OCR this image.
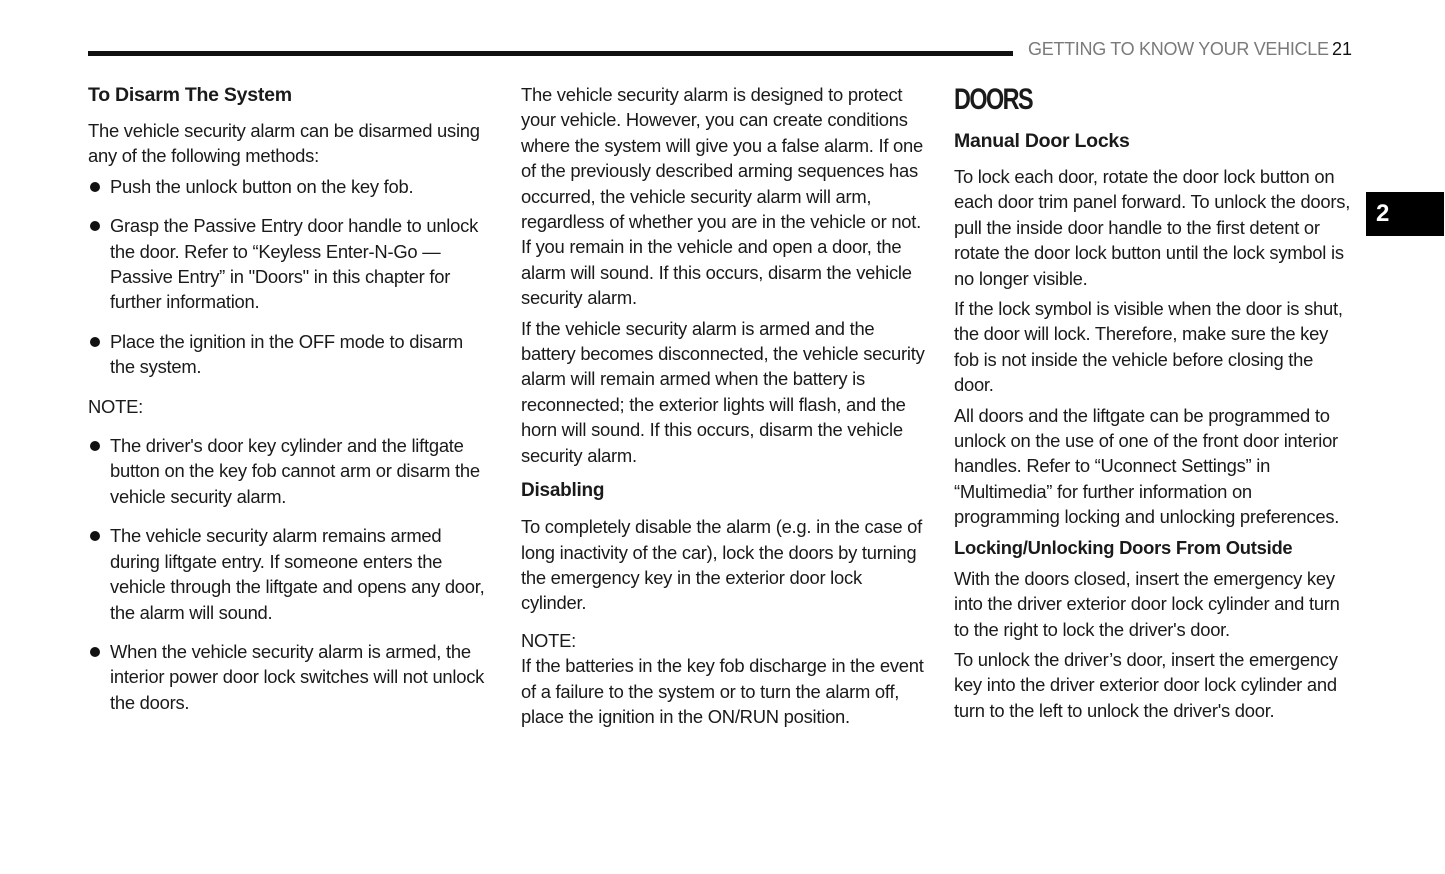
GETTING TO KNOW YOUR VEHICLE 21
2
To Disarm The System

The vehicle security alarm can be disarmed using any of the following methods:

Push the unlock button on the key fob.
Grasp the Passive Entry door handle to unlock the door. Refer to “Keyless Enter-N-Go — Passive Entry” in "Doors" in this chapter for further information.
Place the ignition in the OFF mode to disarm the system.

NOTE:

The driver's door key cylinder and the liftgate button on the key fob cannot arm or disarm the vehicle security alarm.
The vehicle security alarm remains armed during liftgate entry. If someone enters the vehicle through the liftgate and opens any door, the alarm will sound.
When the vehicle security alarm is armed, the interior power door lock switches will not unlock the doors.

The vehicle security alarm is designed to protect your vehicle. However, you can create conditions where the system will give you a false alarm. If one of the previously described arming sequences has occurred, the vehicle security alarm will arm, regardless of whether you are in the vehicle or not. If you remain in the vehicle and open a door, the alarm will sound. If this occurs, disarm the vehicle security alarm.

If the vehicle security alarm is armed and the battery becomes disconnected, the vehicle security alarm will remain armed when the battery is reconnected; the exterior lights will flash, and the horn will sound. If this occurs, disarm the vehicle security alarm.

Disabling

To completely disable the alarm (e.g. in the case of long inactivity of the car), lock the doors by turning the emergency key in the exterior door lock cylinder.

NOTE:

If the batteries in the key fob discharge in the event of a failure to the system or to turn the alarm off, place the ignition in the ON/RUN position.

DOORS
Manual Door Locks

To lock each door, rotate the door lock button on each door trim panel forward. To unlock the doors, pull the inside door handle to the first detent or rotate the door lock button until the lock symbol is no longer visible.

If the lock symbol is visible when the door is shut, the door will lock. Therefore, make sure the key fob is not inside the vehicle before closing the door.

All doors and the liftgate can be programmed to unlock on the use of one of the front door interior handles. Refer to “Uconnect Settings” in “Multimedia” for further information on programming locking and unlocking preferences.

Locking/Unlocking Doors From Outside

With the doors closed, insert the emergency key into the driver exterior door lock cylinder and turn to the right to lock the driver's door.

To unlock the driver’s door, insert the emergency key into the driver exterior door lock cylinder and turn to the left to unlock the driver's door.
